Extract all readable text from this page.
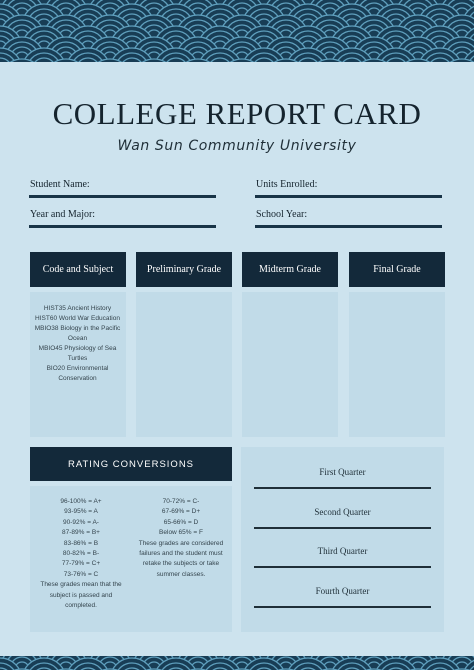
COLLEGE REPORT CARD
Wan Sun Community University
Student Name:	Units Enrolled:
Year and Major:	School Year:
Code and Subject	Preliminary Grade	Midterm Grade	Final Grade
HIST35 Ancient History
HIST60 World War Education
MBIO38 Biology in the Pacific Ocean
MBIO45 Physiology of Sea Turtles
BIO20 Environmental Conservation
RATING CONVERSIONS
96-100% = A+
93-95% = A
90-92% = A-
87-89% = B+
83-86% = B
80-82% = B-
77-79% = C+
73-76% = C
These grades mean that the subject is passed and completed.
70-72% = C-
67-69% = D+
65-66% = D
Below 65% = F
These grades are considered failures and the student must retake the subjects or take summer classes.
First Quarter
Second Quarter
Third Quarter
Fourth Quarter
